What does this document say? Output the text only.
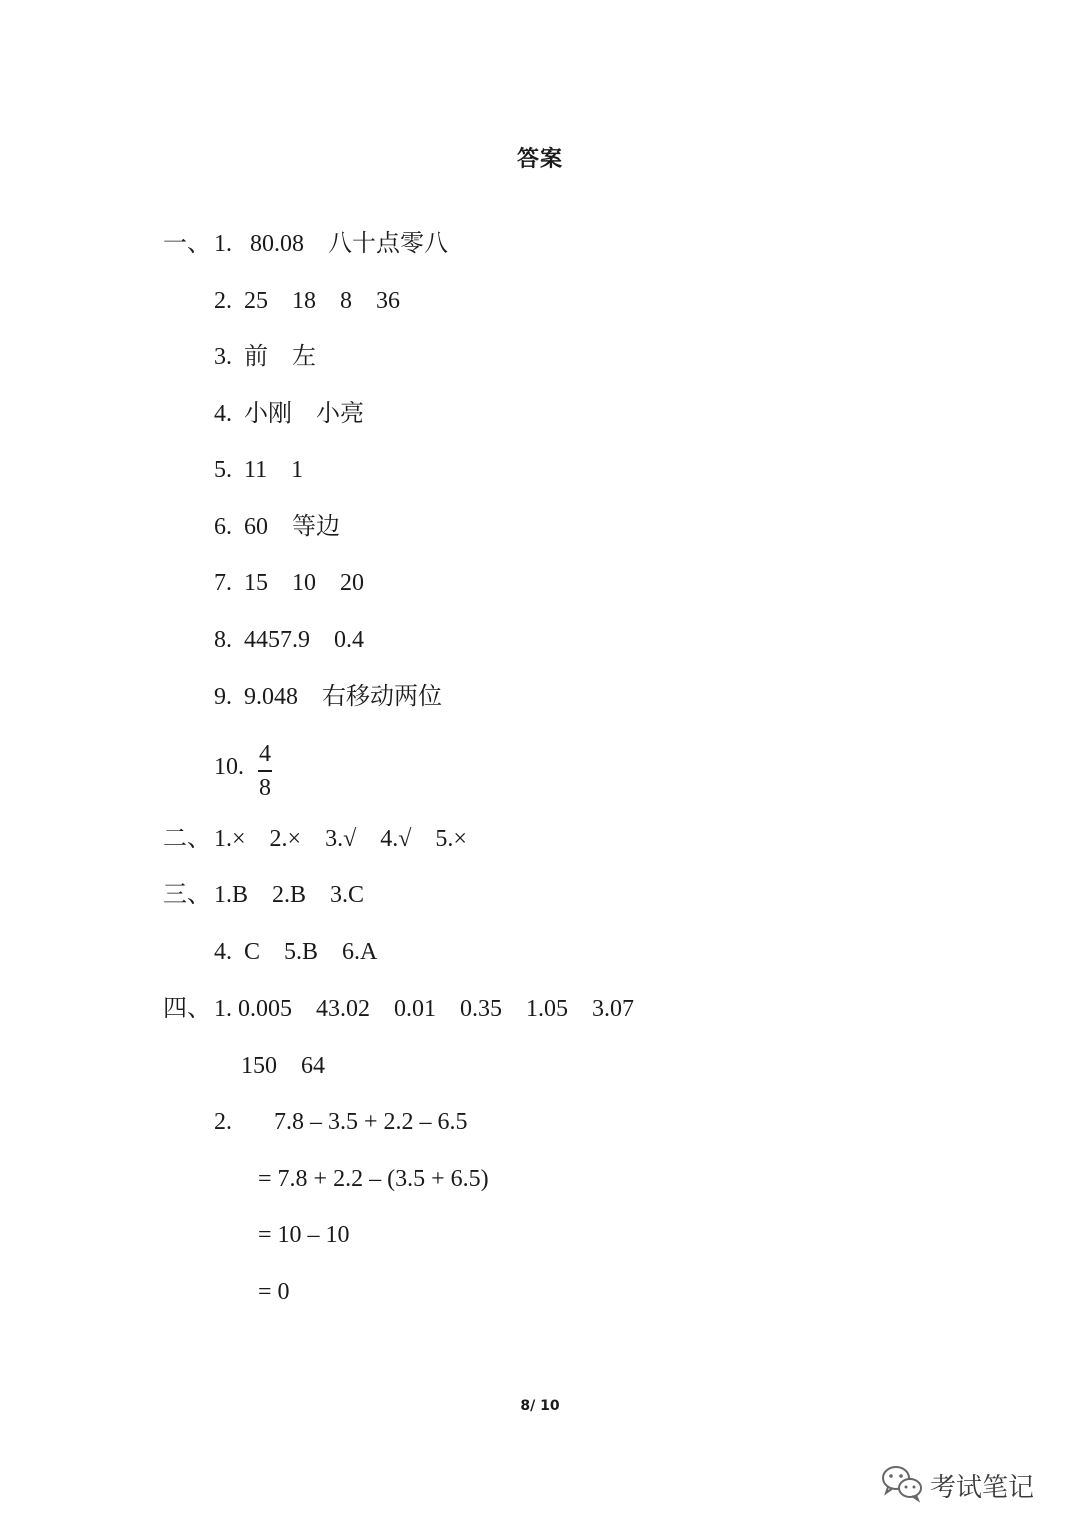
答案
一、 1.   80.08    八十点零八
2.  25    18    8    36
3.  前    左
4.  小刚    小亮
5.  11    1
6.  60    等边
7.  15    10    20
8.  4457.9    0.4
9.  9.048    右移动两位
10. 4
8
二、 1.×    2.×    3.√    4.√    5.×
三、 1.B    2.B    3.C
4.  C    5.B    6.A
四、 1. 0.005    43.02    0.01    0.35    1.05    3.07
150    64
2.       7.8 – 3.5 + 2.2 – 6.5
= 7.8 + 2.2 – (3.5 + 6.5)
= 10 – 10
= 0
8/ 10
考试笔记
